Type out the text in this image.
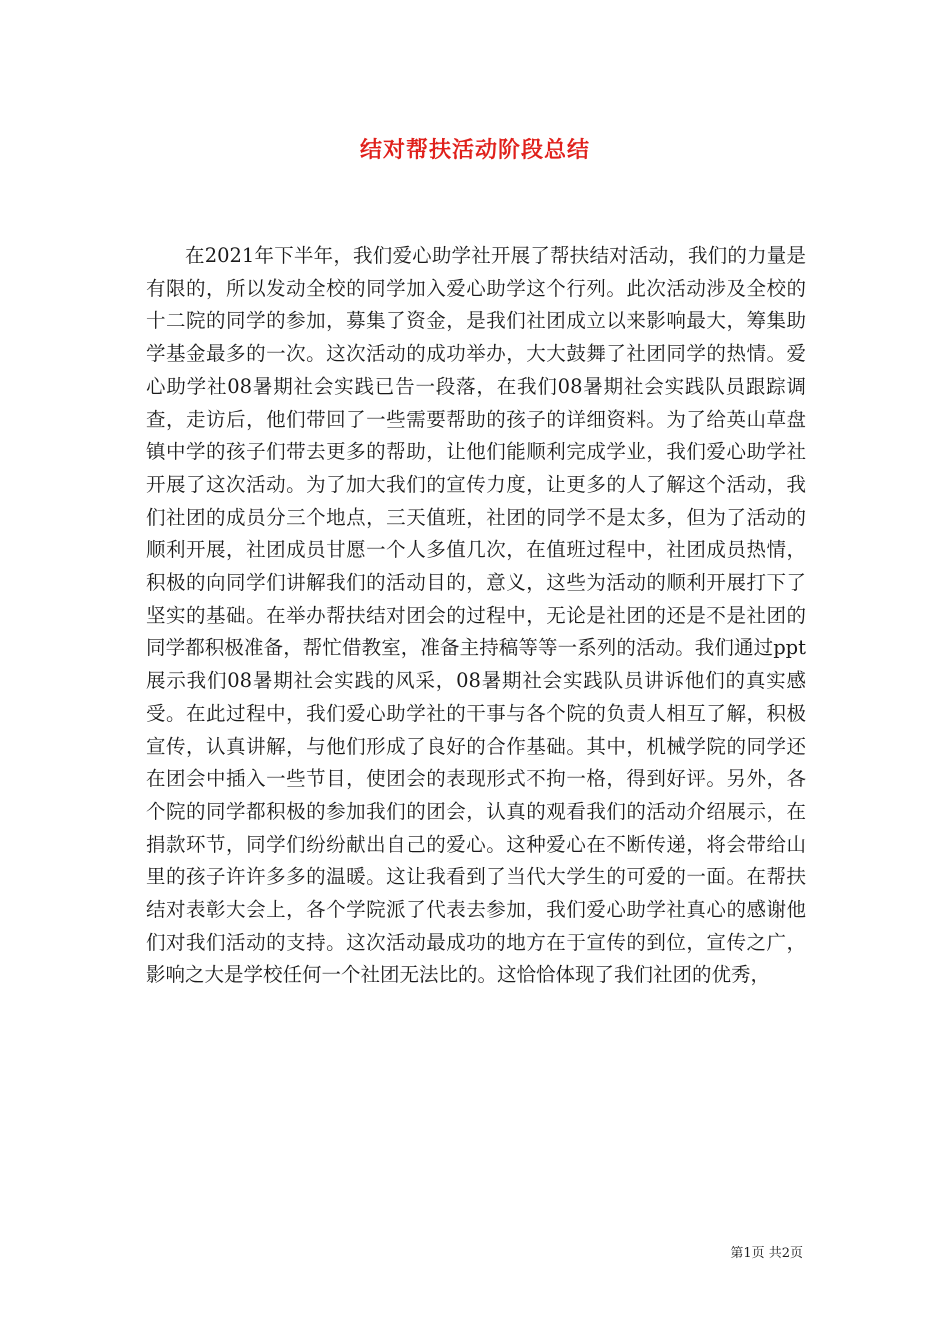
结对帮扶活动阶段总结

在2021年下半年，我们爱心助学社开展了帮扶结对活动，我们的力量是有限的，所以发动全校的同学加入爱心助学这个行列。此次活动涉及全校的十二院的同学的参加，募集了资金，是我们社团成立以来影响最大，筹集助学基金最多的一次。这次活动的成功举办，大大鼓舞了社团同学的热情。爱心助学社08暑期社会实践已告一段落，在我们08暑期社会实践队员跟踪调查，走访后，他们带回了一些需要帮助的孩子的详细资料。为了给英山草盘镇中学的孩子们带去更多的帮助，让他们能顺利完成学业，我们爱心助学社开展了这次活动。为了加大我们的宣传力度，让更多的人了解这个活动，我们社团的成员分三个地点，三天值班，社团的同学不是太多，但为了活动的顺利开展，社团成员甘愿一个人多值几次，在值班过程中，社团成员热情，积极的向同学们讲解我们的活动目的，意义，这些为活动的顺利开展打下了坚实的基础。在举办帮扶结对团会的过程中，无论是社团的还是不是社团的同学都积极准备，帮忙借教室，准备主持稿等等一系列的活动。我们通过ppt展示我们08暑期社会实践的风采，08暑期社会实践队员讲诉他们的真实感受。在此过程中，我们爱心助学社的干事与各个院的负责人相互了解，积极宣传，认真讲解，与他们形成了良好的合作基础。其中，机械学院的同学还在团会中插入一些节目，使团会的表现形式不拘一格，得到好评。另外，各个院的同学都积极的参加我们的团会，认真的观看我们的活动介绍展示，在捐款环节，同学们纷纷献出自己的爱心。这种爱心在不断传递，将会带给山里的孩子许许多多的温暖。这让我看到了当代大学生的可爱的一面。在帮扶结对表彰大会上，各个学院派了代表去参加，我们爱心助学社真心的感谢他们对我们活动的支持。这次活动最成功的地方在于宣传的到位，宣传之广，影响之大是学校任何一个社团无法比的。这恰恰体现了我们社团的优秀，

第1页 共2页
